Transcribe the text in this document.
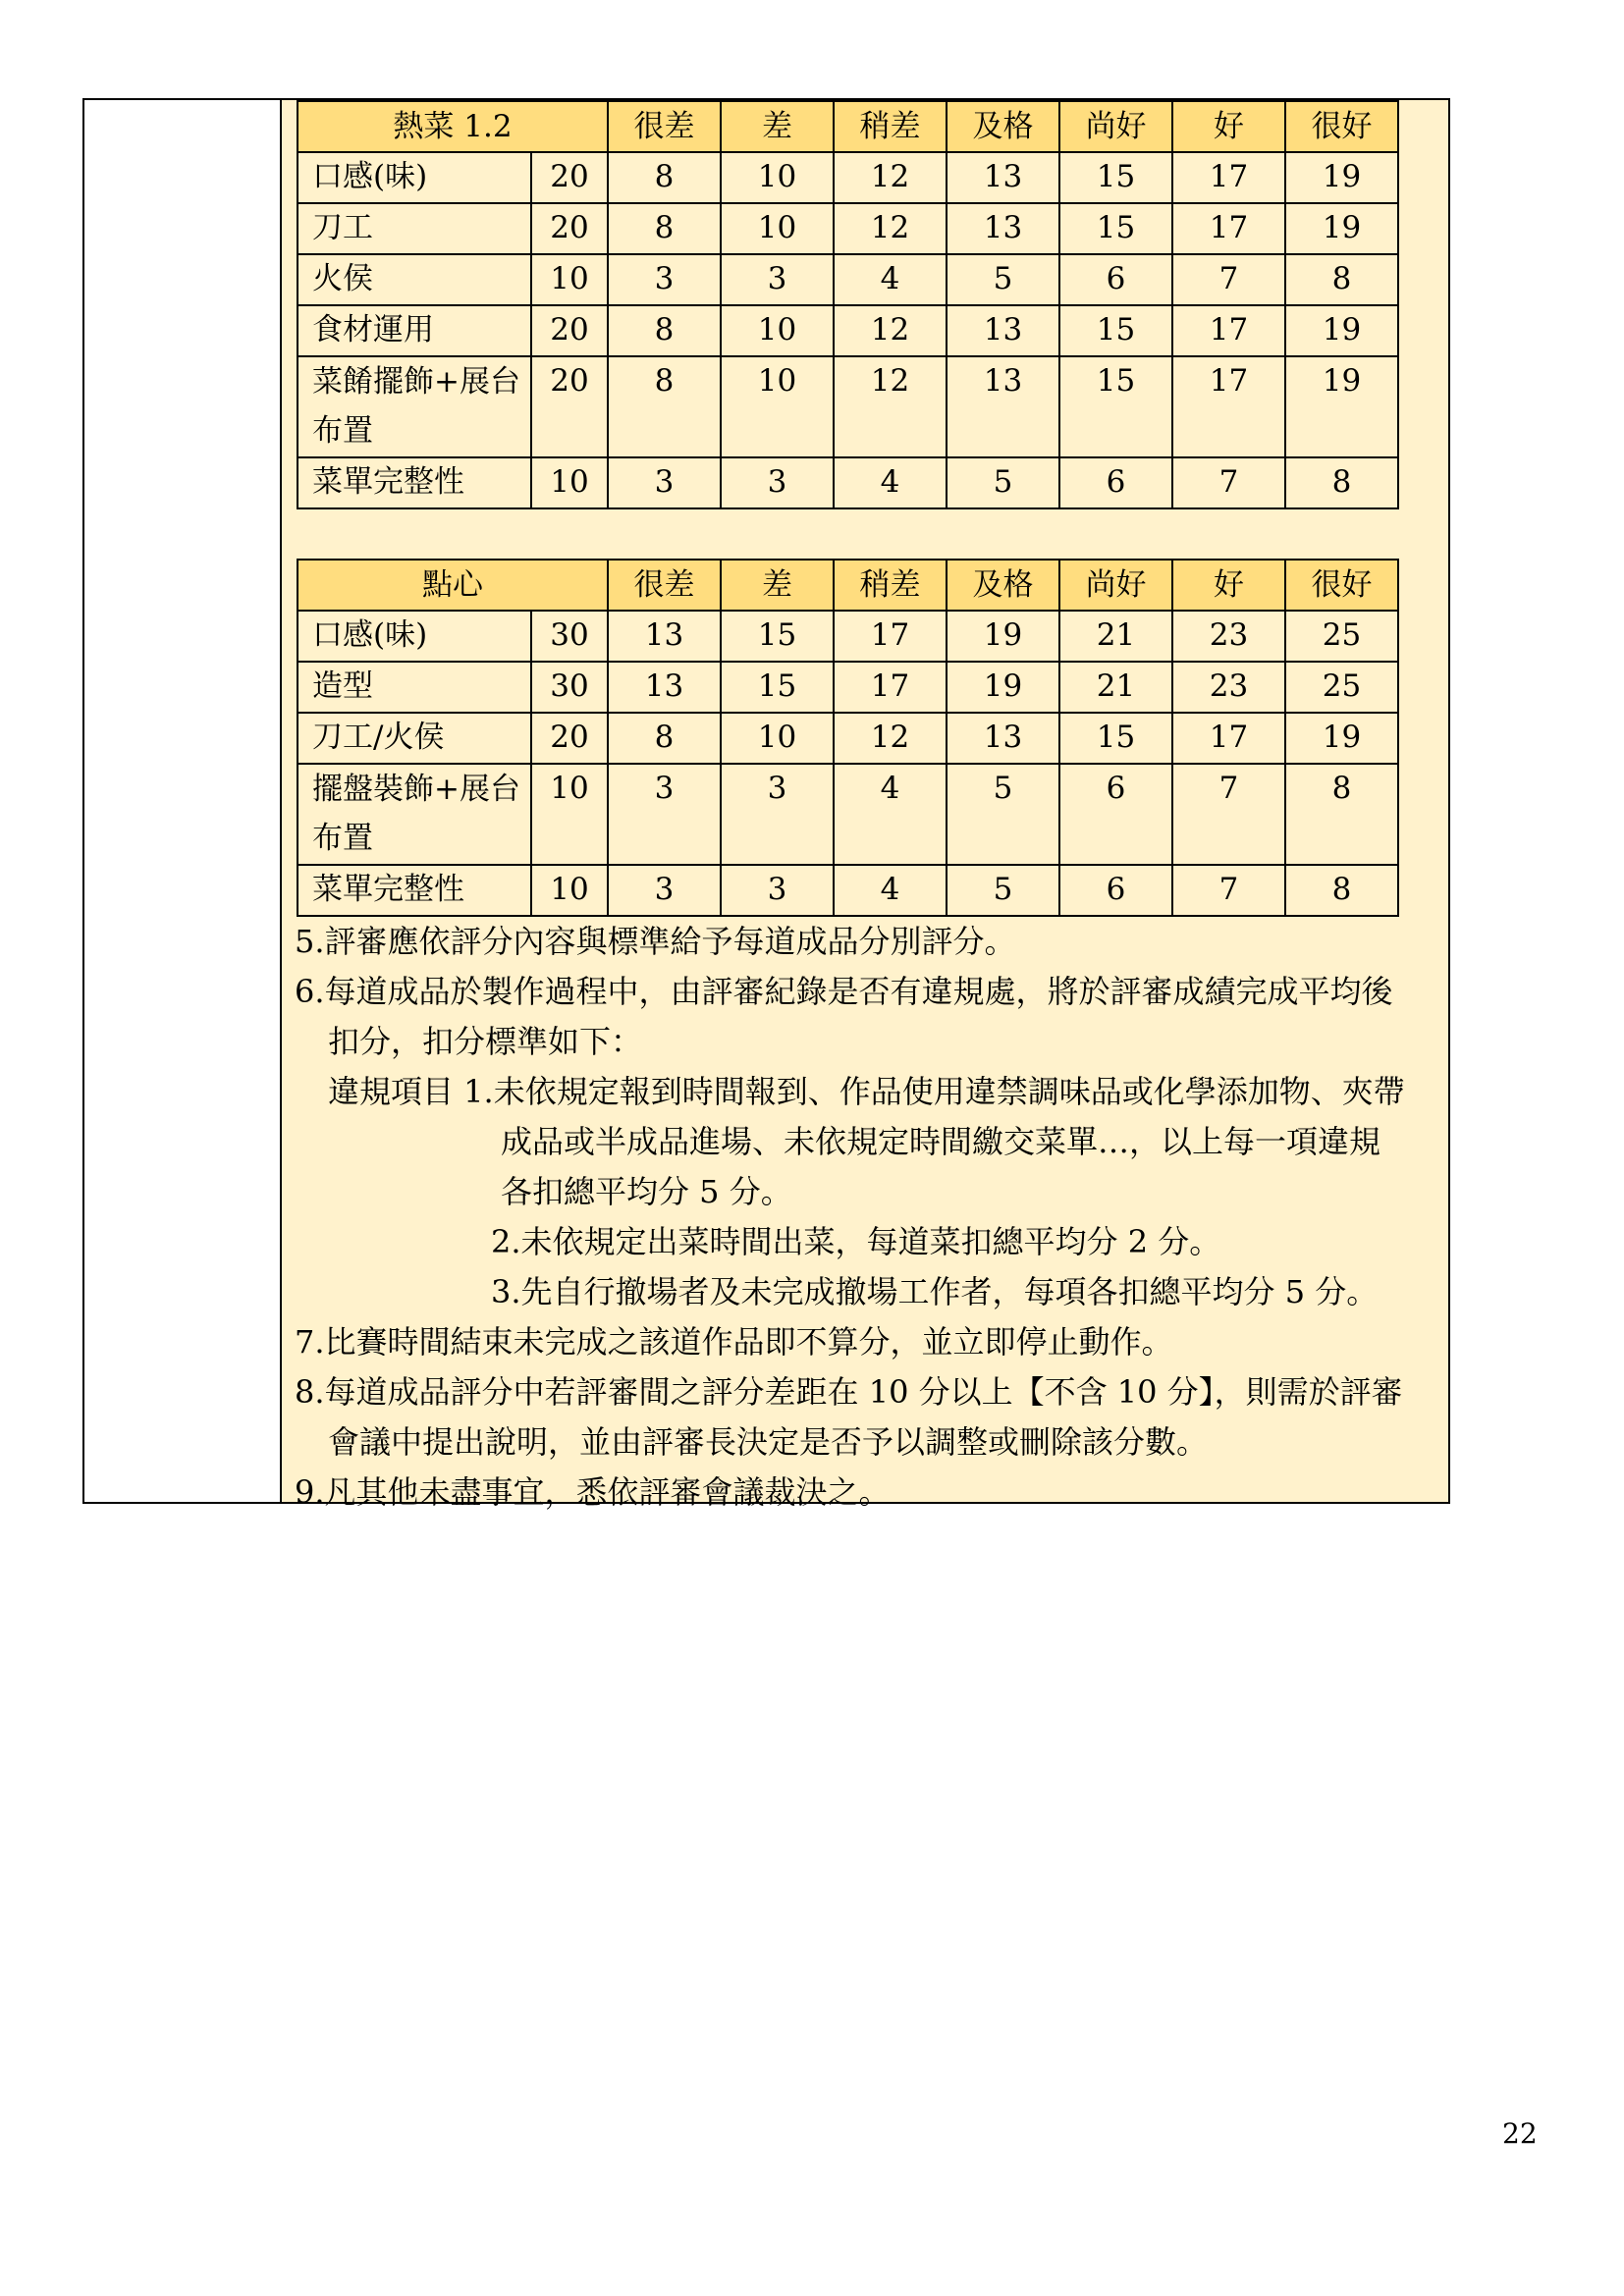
熱菜 1.2		很差	差	稍差	及格	尚好	好	很好
口感(味)	20	8	10	12	13	15	17	19
刀工	20	8	10	12	13	15	17	19
火侯	10	3	3	4	5	6	7	8
食材運用	20	8	10	12	13	15	17	19
菜餚擺飾+展台布置	20	8	10	12	13	15	17	19
菜單完整性	10	3	3	4	5	6	7	8
點心		很差	差	稍差	及格	尚好	好	很好
口感(味)	30	13	15	17	19	21	23	25
造型	30	13	15	17	19	21	23	25
刀工/火侯	20	8	10	12	13	15	17	19
擺盤裝飾+展台布置	10	3	3	4	5	6	7	8
菜單完整性	10	3	3	4	5	6	7	8

5.評審應依評分內容與標準給予每道成品分別評分。

6.每道成品於製作過程中，由評審紀錄是否有違規處，將於評審成績完成平均後

扣分，扣分標準如下：

違規項目 1.未依規定報到時間報到、作品使用違禁調味品或化學添加物、夾帶

成品或半成品進場、未依規定時間繳交菜單…，以上每一項違規

各扣總平均分 5 分。

2.未依規定出菜時間出菜，每道菜扣總平均分 2 分。

3.先自行撤場者及未完成撤場工作者，每項各扣總平均分 5 分。

7.比賽時間結束未完成之該道作品即不算分，並立即停止動作。

8.每道成品評分中若評審間之評分差距在 10 分以上【不含 10 分】，則需於評審

會議中提出說明，並由評審長決定是否予以調整或刪除該分數。

9.凡其他未盡事宜，悉依評審會議裁決之。

22
